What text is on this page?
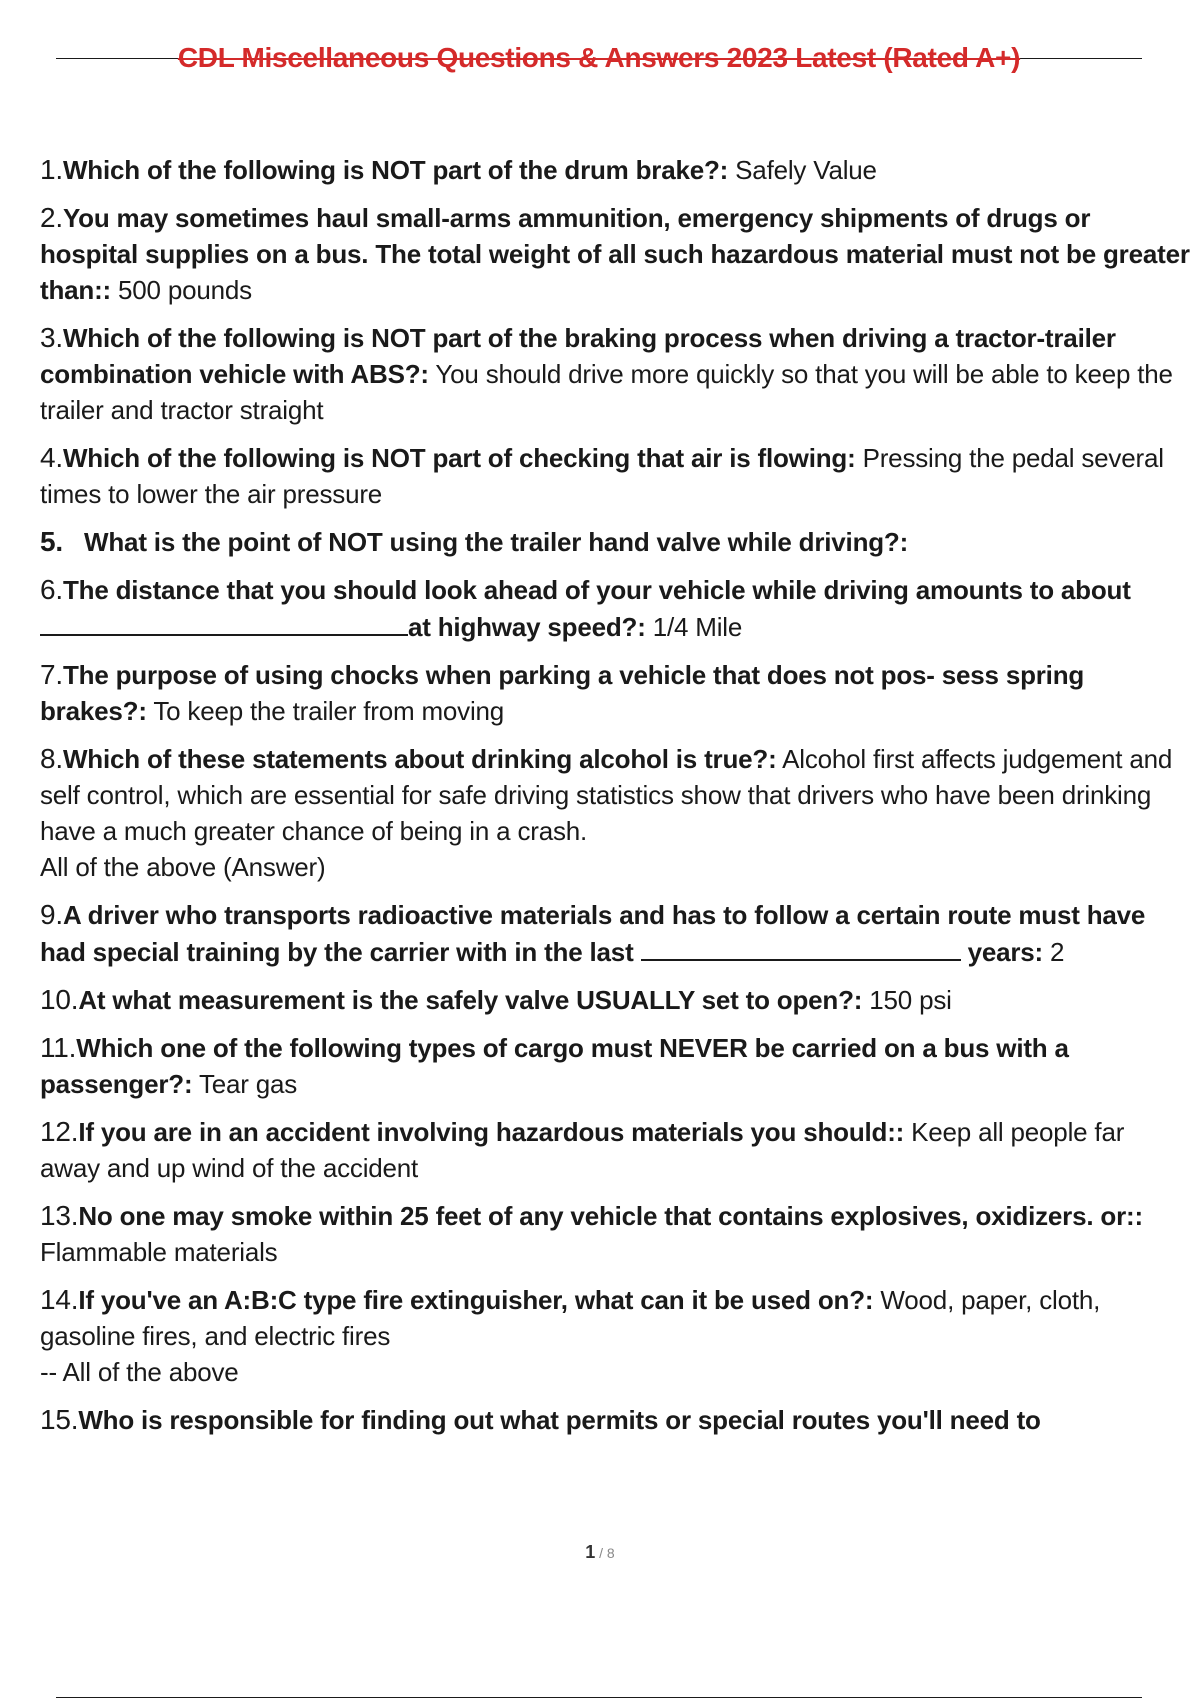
CDL Miscellaneous Questions & Answers 2023 Latest (Rated A+)
1.Which of the following is NOT part of the drum brake?: Safely Value
2.You may sometimes haul small-arms ammunition, emergency shipments of drugs or hospital supplies on a bus. The total weight of all such hazardous material must not be greater than:: 500 pounds
3.Which of the following is NOT part of the braking process when driving a tractor-trailer combination vehicle with ABS?: You should drive more quickly so that you will be able to keep the trailer and tractor straight
4.Which of the following is NOT part of checking that air is flowing: Pressing the pedal several times to lower the air pressure
5. What is the point of NOT using the trailer hand valve while driving?:
6.The distance that you should look ahead of your vehicle while driving amounts to aboutat highway speed?: 1/4 Mile
7.The purpose of using chocks when parking a vehicle that does not pos- sess spring brakes?: To keep the trailer from moving
8.Which of these statements about drinking alcohol is true?: Alcohol first affects judgement and self control, which are essential for safe driving statistics show that drivers who have been drinking have a much greater chance of being in a crash.
All of the above (Answer)
9.A driver who transports radioactive materials and has to follow a certain route must have had special training by the carrier with in the last	years: 2
10.At what measurement is the safely valve USUALLY set to open?: 150 psi
11.Which one of the following types of cargo must NEVER be carried on a bus with a passenger?: Tear gas
12.If you are in an accident involving hazardous materials you should:: Keep all people far away and up wind of the accident
13.No one may smoke within 25 feet of any vehicle that contains explosives, oxidizers. or:: Flammable materials
14.If you've an A:B:C type fire extinguisher, what can it be used on?: Wood, paper, cloth, gasoline fires, and electric fires
-- All of the above
15.Who is responsible for finding out what permits or special routes you'll need to
1 / 8
